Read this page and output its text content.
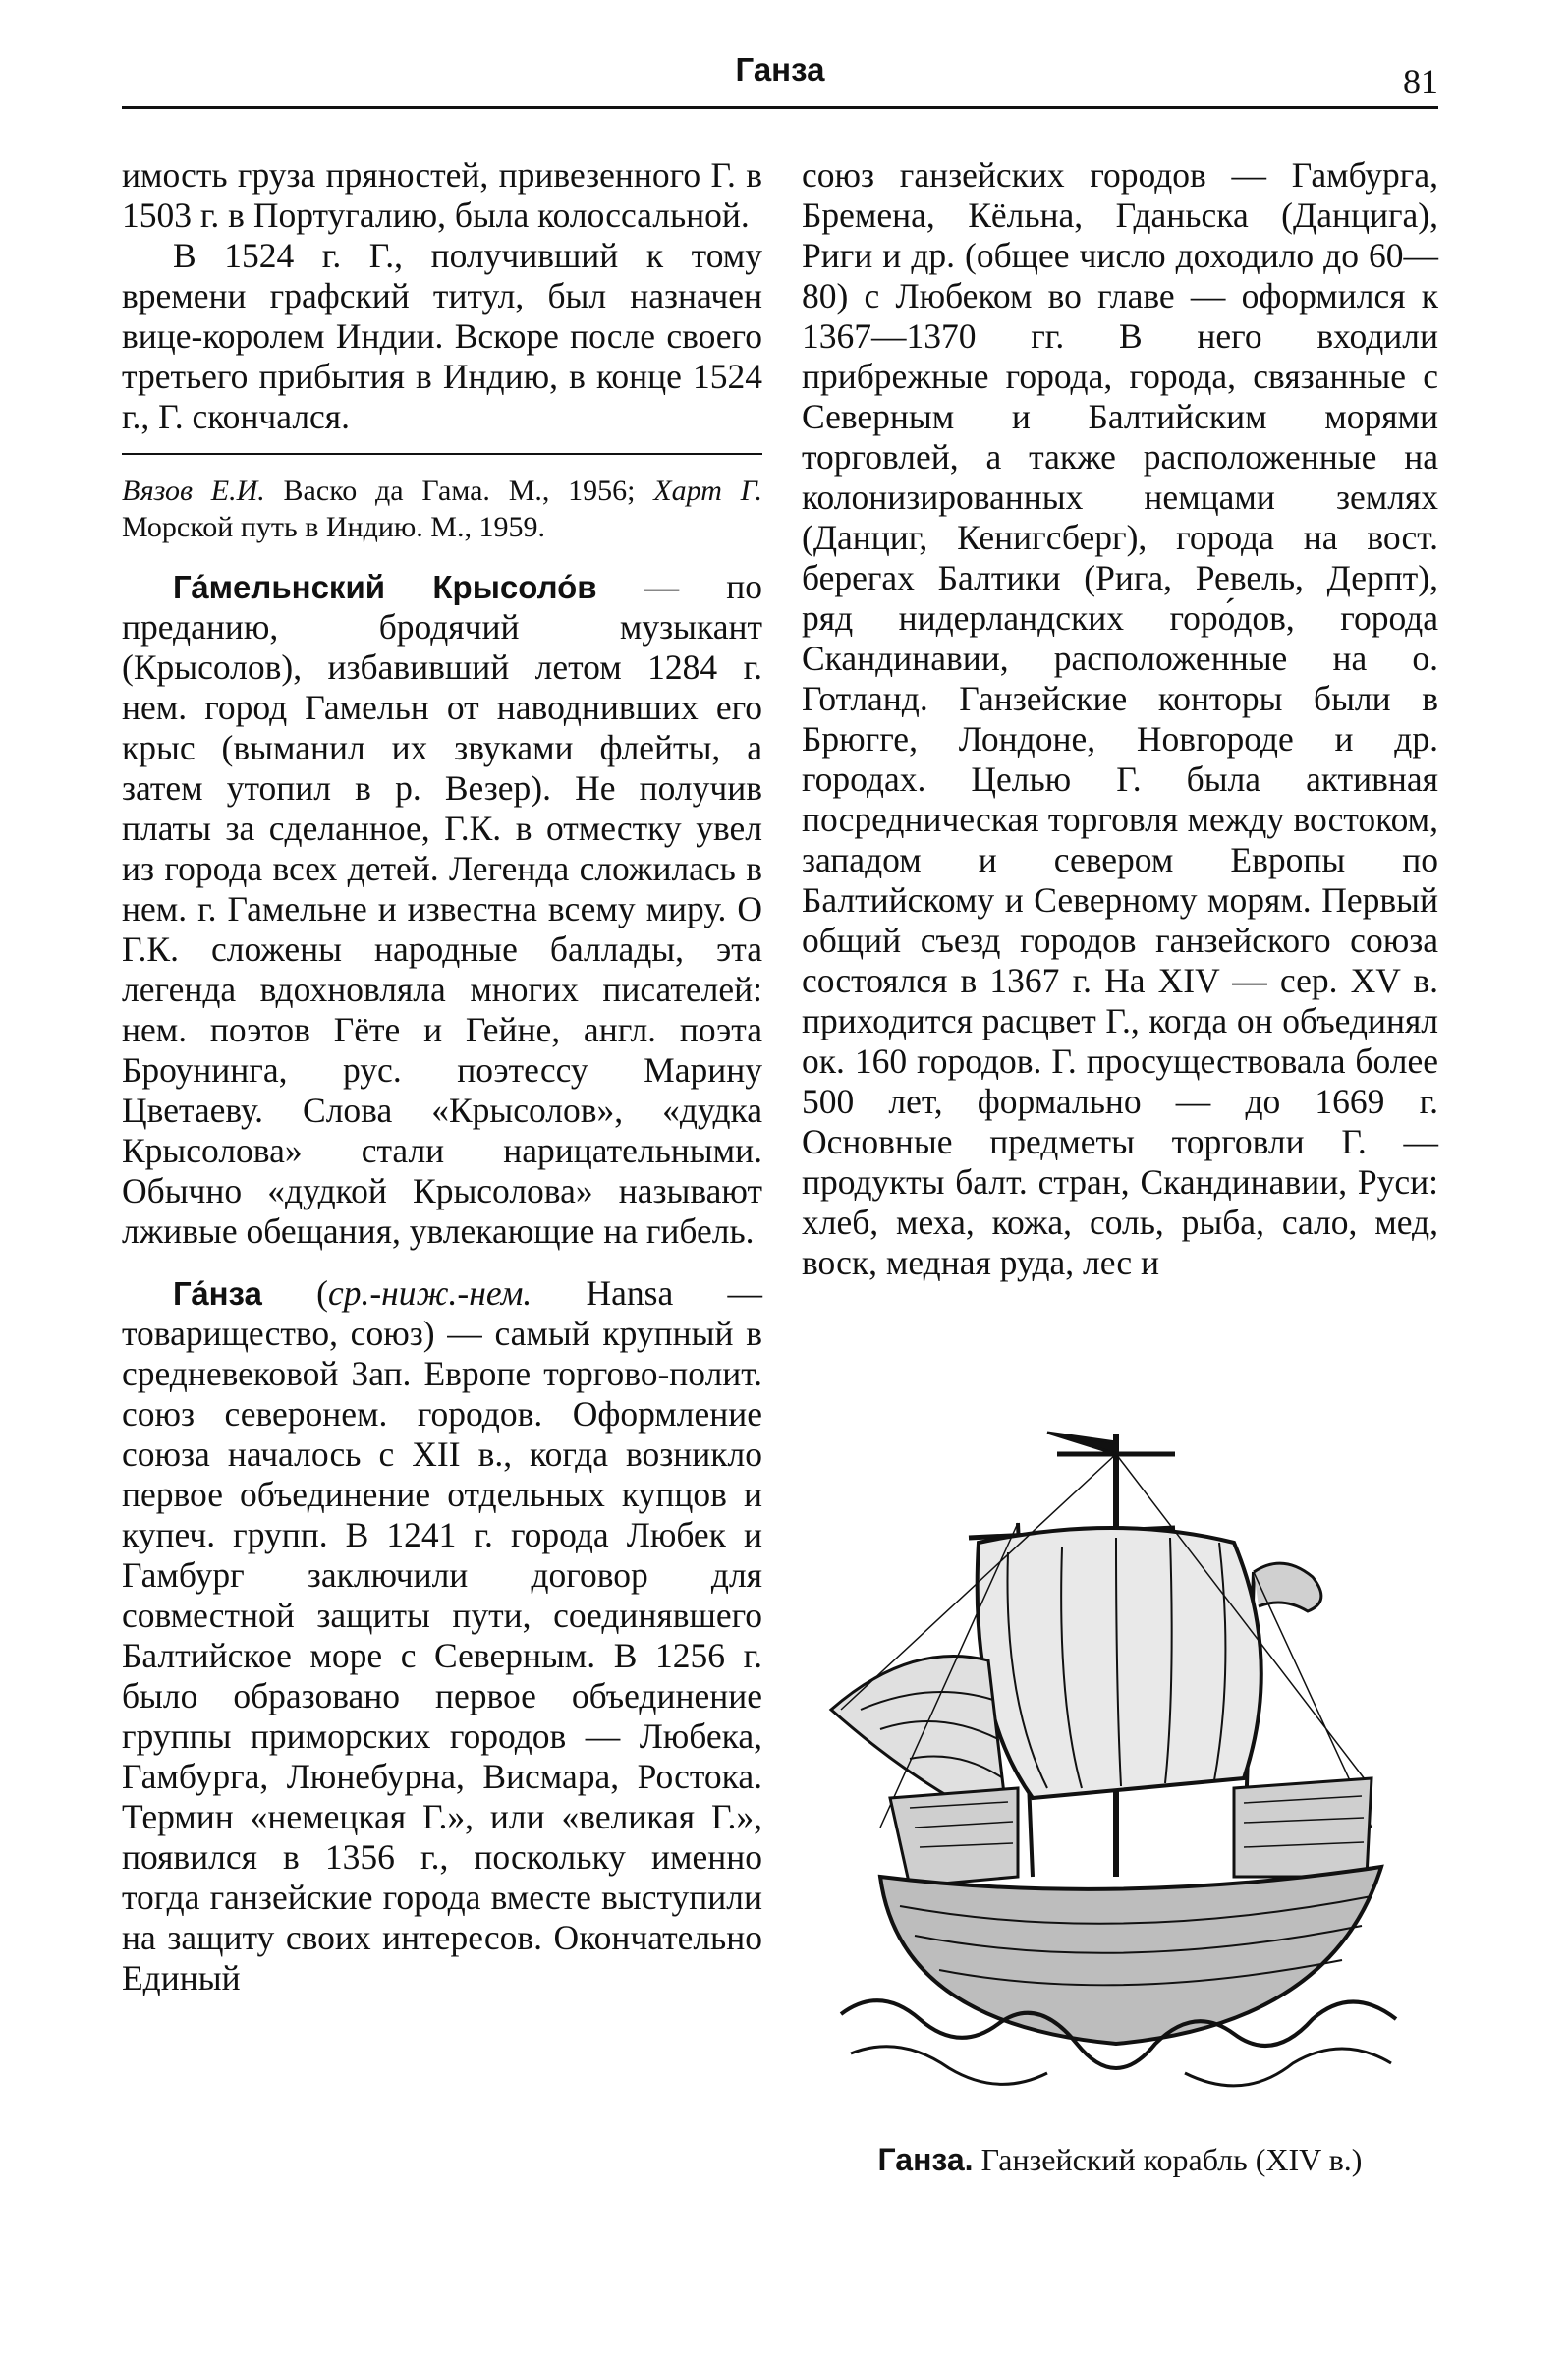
Ганза	81

имость груза пряностей, привезенного Г. в 1503 г. в Португалию, была колоссальной.

В 1524 г. Г., получивший к тому времени графский титул, был назначен вице-королем Индии. Вскоре после своего третьего прибытия в Индию, в конце 1524 г., Г. скончался.

Вязов Е.И. Васко да Гама. М., 1956; Харт Г. Морской путь в Индию. М., 1959.

Га́мельнский Крысоло́в — по преданию, бродячий музыкант (Крысолов), избавивший летом 1284 г. нем. город Гамельн от наводнивших его крыс (выманил их звуками флейты, а затем утопил в р. Везер). Не получив платы за сделанное, Г.К. в отместку увел из города всех детей. Легенда сложилась в нем. г. Гамельне и известна всему миру. О Г.К. сложены народные баллады, эта легенда вдохновляла многих писателей: нем. поэтов Гёте и Гейне, англ. поэта Броунинга, рус. поэтессу Марину Цветаеву. Слова «Крысолов», «дудка Крысолова» стали нарицательными. Обычно «дудкой Крысолова» называют лживые обещания, увлекающие на гибель.

Га́нза (ср.-ниж.-нем. Hansa — товарищество, союз) — самый крупный в средневековой Зап. Европе торгово-полит. союз северонем. городов. Оформление союза началось с XII в., когда возникло первое объединение отдельных купцов и купеч. групп. В 1241 г. города Любек и Гамбург заключили договор для совместной защиты пути, соединявшего Балтийское море с Северным. В 1256 г. было образовано первое объединение группы приморских городов — Любека, Гамбурга, Люнебурна, Висмара, Ростока. Термин «немецкая Г.», или «великая Г.», появился в 1356 г., поскольку именно тогда ганзейские города вместе выступили на защиту своих интересов. Окончательно Единый

союз ганзейских городов — Гамбурга, Бремена, Кёльна, Гданьска (Данцига), Риги и др. (общее число доходило до 60—80) с Любеком во главе — оформился к 1367—1370 гг. В него входили прибрежные города, города, связанные с Северным и Балтийским морями торговлей, а также расположенные на колонизированных немцами землях (Данциг, Кенигсберг), города на вост. берегах Балтики (Рига, Ревель, Дерпт), ряд нидерландских горо́дов, города Скандинавии, расположенные на о. Готланд. Ганзейские конторы были в Брюгге, Лондоне, Новгороде и др. городах. Целью Г. была активная посредническая торговля между востоком, западом и севером Европы по Балтийскому и Северному морям. Первый общий съезд городов ганзейского союза состоялся в 1367 г. На XIV — сер. XV в. приходится расцвет Г., когда он объединял ок. 160 городов. Г. просуществовала более 500 лет, формально — до 1669 г. Основные предметы торговли Г. — продукты балт. стран, Скандинавии, Руси: хлеб, меха, кожа, соль, рыба, сало, мед, воск, медная руда, лес и

Ганза. Ганзейский корабль (XIV в.)
